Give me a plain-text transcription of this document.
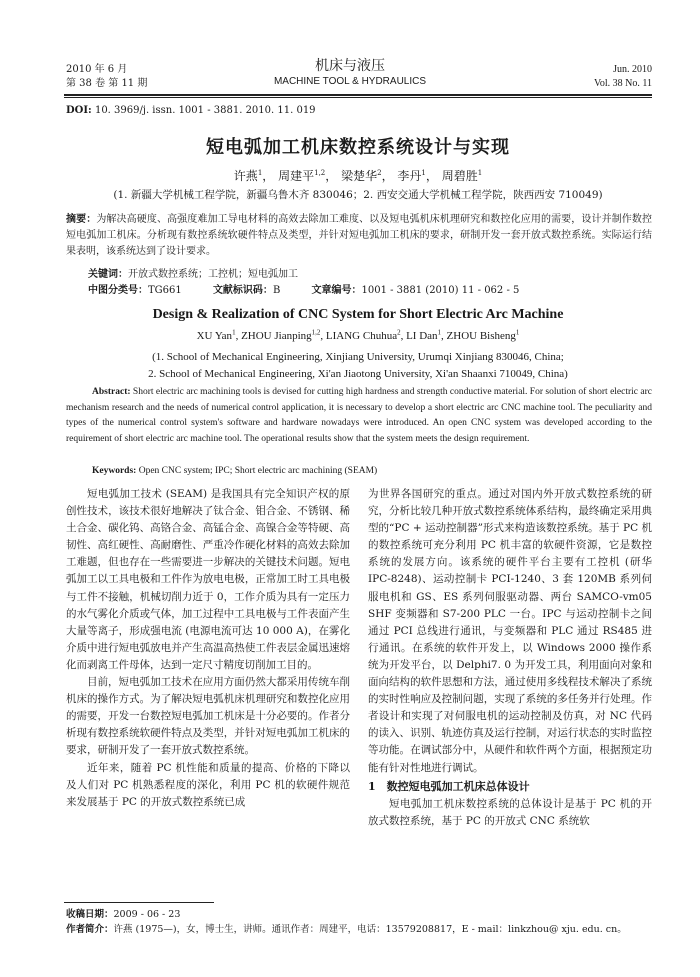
2010 年 6 月
第 38 卷 第 11 期
机床与液压
MACHINE TOOL & HYDRAULICS
Jun. 2010
Vol. 38 No. 11
DOI: 10. 3969/j. issn. 1001 - 3881. 2010. 11. 019
短电弧加工机床数控系统设计与实现
许燕$^1$， 周建平$^{1,2}$， 梁楚华$^2$， 李丹$^1$， 周碧胜$^1$
(1. 新疆大学机械工程学院，新疆乌鲁木齐 830046；2. 西安交通大学机械工程学院，陕西西安 710049)
摘要：为解决高硬度、高强度难加工导电材料的高效去除加工难度、以及短电弧机床机理研究和数控化应用的需要，设计并制作数控短电弧加工机床。分析现有数控系统软硬件特点及类型，并针对短电弧加工机床的要求，研制开发一套开放式数控系统。实际运行结果表明，该系统达到了设计要求。
关键词：开放式数控系统；工控机；短电弧加工
中图分类号：TG661	文献标识码：B	文章编号：1001 - 3881 (2010) 11 - 062 - 5
Design & Realization of CNC System for Short Electric Arc Machine
XU Yan$^1$, ZHOU Jianping$^{1,2}$, LIANG Chuhua$^2$, LI Dan$^1$, ZHOU Bisheng$^1$
(1. School of Mechanical Engineering, Xinjiang University, Urumqi Xinjiang 830046, China;
2. School of Mechanical Engineering, Xi'an Jiaotong University, Xi'an Shaanxi 710049, China)
Abstract: Short electric arc machining tools is devised for cutting high hardness and strength conductive material. For solution of short electric arc mechanism research and the needs of numerical control application, it is necessary to develop a short electric arc CNC machine tool. The peculiarity and types of the numerical control system's software and hardware nowadays were introduced. An open CNC system was developed according to the requirement of short electric arc machine tool. The operational results show that the system meets the design requirement.
Keywords: Open CNC system; IPC; Short electric arc machining (SEAM)

短电弧加工技术 (SEAM) 是我国具有完全知识产权的原创性技术，该技术很好地解决了钛合金、钼合金、不锈钢、稀土合金、碳化钨、高铬合金、高锰合金、高镍合金等特硬、高韧性、高红硬性、高耐磨性、严重冷作硬化材料的高效去除加工难题，但也存在一些需要进一步解决的关键技术问题。短电弧加工以工具电极和工件作为放电电极，正常加工时工具电极与工件不接触，机械切削力近于 0，工作介质为具有一定压力的水气雾化介质或气体，加工过程中工具电极与工件表面产生大量等离子，形成强电流 (电源电流可达 10 000 A)，在雾化介质中进行短电弧放电并产生高温高热使工件表层金属迅速熔化而剥离工件母体，达到一定尺寸精度切削加工目的。

目前，短电弧加工技术在应用方面仍然大都采用传统车削机床的操作方式。为了解决短电弧机床机理研究和数控化应用的需要，开发一台数控短电弧加工机床是十分必要的。作者分析现有数控系统软硬件特点及类型，并针对短电弧加工机床的要求，研制开发了一套开放式数控系统。

近年来，随着 PC 机性能和质量的提高、价格的下降以及人们对 PC 机熟悉程度的深化，利用 PC 机的软硬件规范来发展基于 PC 的开放式数控系统已成

为世界各国研究的重点。通过对国内外开放式数控系统的研究，分析比较几种开放式数控系统体系结构，最终确定采用典型的“PC + 运动控制器”形式来构造该数控系统。基于 PC 机的数控系统可充分利用 PC 机丰富的软硬件资源，它是数控系统的发展方向。该系统的硬件平台主要有工控机 (研华 IPC-8248)、运动控制卡 PCI-1240、3 套 120MB 系列伺服电机和 GS、ES 系列伺服驱动器、两台 SAMCO-vm05 SHF 变频器和 S7-200 PLC 一台。IPC 与运动控制卡之间通过 PCI 总线进行通讯，与变频器和 PLC 通过 RS485 进行通讯。在系统的软件开发上，以 Windows 2000 操作系统为开发平台，以 Delphi7. 0 为开发工具，利用面向对象和面向结构的软件思想和方法，通过使用多线程技术解决了系统的实时性响应及控制问题，实现了系统的多任务并行处理。作者设计和实现了对伺服电机的运动控制及仿真，对 NC 代码的读入、识别、轨迹仿真及运行控制，对运行状态的实时监控等功能。在调试部分中，从硬件和软件两个方面，根据预定功能有针对性地进行调试。

1　数控短电弧加工机床总体设计

短电弧加工机床数控系统的总体设计是基于 PC 机的开放式数控系统，基于 PC 的开放式 CNC 系统软

收稿日期：2009 - 06 - 23
作者简介：许燕 (1975—)，女，博士生，讲师。通讯作者：周建平，电话：13579208817，E - mail：linkzhou@ xju. edu. cn。
